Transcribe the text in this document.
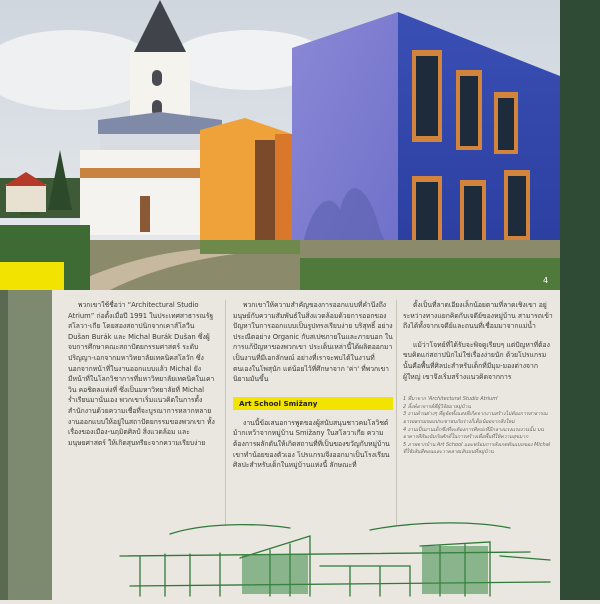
4

พวกเขาใช้ชื่อว่า “Architectural Studio Atrium” ก่อตั้งเมื่อปี 1991 ในประเทศสาธารณรัฐสโลวา-เกีย โดยสองสถาปนิกจากเคาส์โลวีน Dušan Burák และ Michal Burák Dušan ซึ่งผู้จบการศึกษาคณะสถาปัตยกรรมศาสตร์ ระดับปริญญา-เอกจากมหาวิทยาลัยเทคนิคสโลวัก ซึ่งนอกจากหน้าที่ในงานออกแบบแล้ว Michal ยังมีหน้าที่ในโลกวิชาการที่มหาวิทยาลัยเทคนิคในเคาวิน คอชิตลแห่งที่ ซึ่งเป็นมหาวิทยาลัยที่ Michal ร่ำเรียนมานั่นเอง พวกเขาเริ่มแนวคิดในการตั้งสำนักงานด้วยความเชื่อที่จะบูรณาการหลากหลายงานออกแบบให้อยู่ในสถาปัตยกรรมของพวกเขา ทั้งเรื่องของเมือง-นฤมิตศิลป์ สิ่งแวดล้อม และมนุษยศาสตร์ ให้เกิดสุนทรียะจากความเรียบง่าย

พวกเขาให้ความสำคัญของการออกแบบที่คำนึงถึงมนุษย์กับความสัมพันธ์ในสิ่งแวดล้อมด้วยการออกของปัญหาในการออกแบบเป็นรูปทรงเรียบง่าย บริสุทธิ์ อย่างประณีตอย่าง Organic กับสเปซภายในและภายนอก ในการแก้ปัญหาของพวกเขา ประเด็นเหล่านี้ได้ผลิตออกมาเป็นงานที่มีเอกลักษณ์ อย่างที่เราจะพบได้ในงานที่ตนเองในโพสุนัก แต่น้อยไว้ที่ศึกษาจาก 'ค่า' ที่พวกเขานิยามมันขึ้น

Art School Smižany

งานนี้ข้อเสนอการพูดของผู้สนับสนุนชาวคมโลวิชต์ม้ากเหว้าจากหมู่บ้าน Smižany ในสโลวาเกีย ความต้องการผลักดันให้เกิดสถานที่ที่เป็นของขวัญกับหมู่บ้านเขาทำน้อยของตัวเอง โปรแกรมจึงออกมาเป็นโรงเรียนศิลปะสำหรับเด็กในหมู่บ้านแห่งนี้ ลักษณะที่

ตั้งเป็นที่ลาดเอียงเล็กน้อยตามที่ลาดเชิงเขา อยู่ระหว่างทางแยกคิดกับเจดีย์ของหมู่บ้าน สามารถเข้าถึงได้ทั้งจากเจดีย์และถนนที่เชื่อมมาจากแม่น้ำ

แม้ว่าโจทย์ที่ได้รับจะพิจดูเรียบๆ แต่ปัญหาที่ต้องขบคิดแก่สถาปนิกไม่ใช่เรื่องง่ายนัก ด้วยโปรแกรมนั้นคือพื้นที่ศิลปะสำหรับเด็กที่มีมุม-มองต่างจากผู้ใหญ่ เขาจึงเริ่มสร้างแนวคิดจากการ

1 ที่มาจาก 'Architectural Studio Atrium'
2 ลิ้งค์อาจารย์ที่ผู้วิจัยมาหมู่บ้าน
3 งานด้านต่างๆ ที่ดูจัดทั้งแสงที่เกิดจากงานสร้างไม่ต้องการสาธารณอารยธรรมของประชาชนกับร่างก็เต็มน้อยจากสิ่งใหม่
4 งานเป็นงานเด็กซึ่งที่จะต้องการศิลปะที่มีกลางแรงแรงงานนั้น บนอาคารสีสันเข้มกับศักดิ์ในการสร้างเพื่อพื้นที่ให้ความสุขมาก
5 ภาพจากบ้าน Art School และพร้อมการสังเกตต้นแบบของ Michal ที่ใช้เส้นสีตอนและวาดลายเส้นบนที่หมู่บ้าน
